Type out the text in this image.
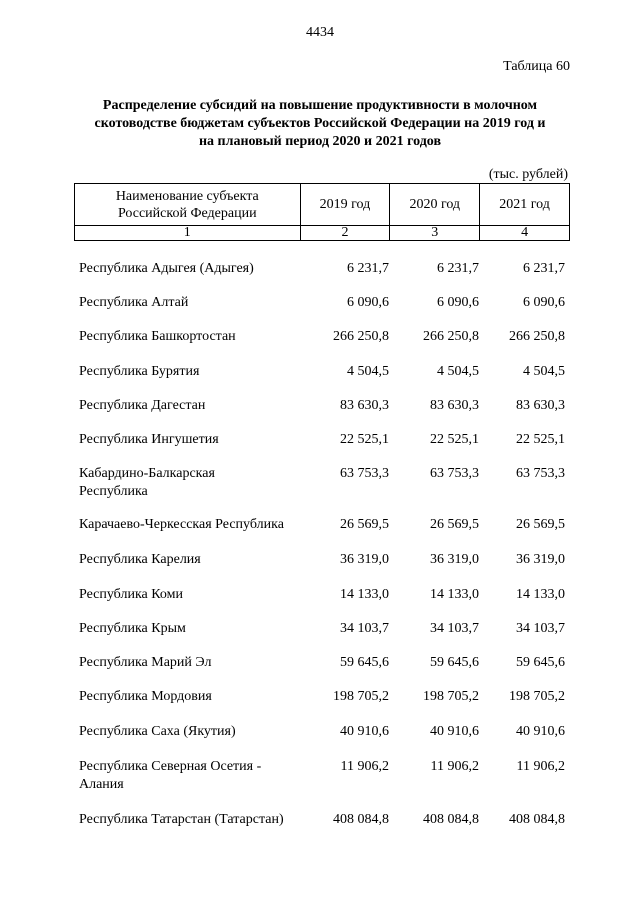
4434
Таблица 60
Распределение субсидий на повышение продуктивности в молочном
скотоводстве бюджетам субъектов Российской Федерации на 2019 год и
на плановый период 2020 и 2021 годов
(тыс. рублей)
Наименование субъекта
Российской Федерации	2019 год	2020 год	2021 год
1	2	3	4
Республика Адыгея (Адыгея)	6 231,7	6 231,7	6 231,7
Республика Алтай	6 090,6	6 090,6	6 090,6
Республика Башкортостан	266 250,8	266 250,8	266 250,8
Республика Бурятия	4 504,5	4 504,5	4 504,5
Республика Дагестан	83 630,3	83 630,3	83 630,3
Республика Ингушетия	22 525,1	22 525,1	22 525,1
Кабардино-Балкарская
Республика
63 753,3	63 753,3	63 753,3
Карачаево-Черкесская Республика	26 569,5	26 569,5	26 569,5
Республика Карелия	36 319,0	36 319,0	36 319,0
Республика Коми	14 133,0	14 133,0	14 133,0
Республика Крым	34 103,7	34 103,7	34 103,7
Республика Марий Эл	59 645,6	59 645,6	59 645,6
Республика Мордовия	198 705,2	198 705,2	198 705,2
Республика Саха (Якутия)	40 910,6	40 910,6	40 910,6
Республика Северная Осетия -
Алания
11 906,2	11 906,2	11 906,2
Республика Татарстан (Татарстан)	408 084,8	408 084,8	408 084,8
